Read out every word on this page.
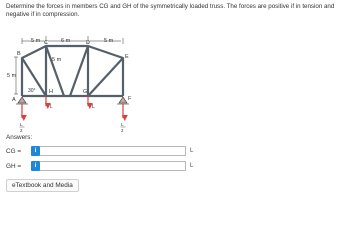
Determine the forces in members CG and GH of the symmetrically loaded truss. The forces are positive if in tension and negative if in compression.
5 m	6 m	5 m
5 m
5 m
A
B
C	D
E
F
H	G
30°
L	L
L
2
L
2
Answers:
CG =	i	L
GH =	i	L
eTextbook and Media
